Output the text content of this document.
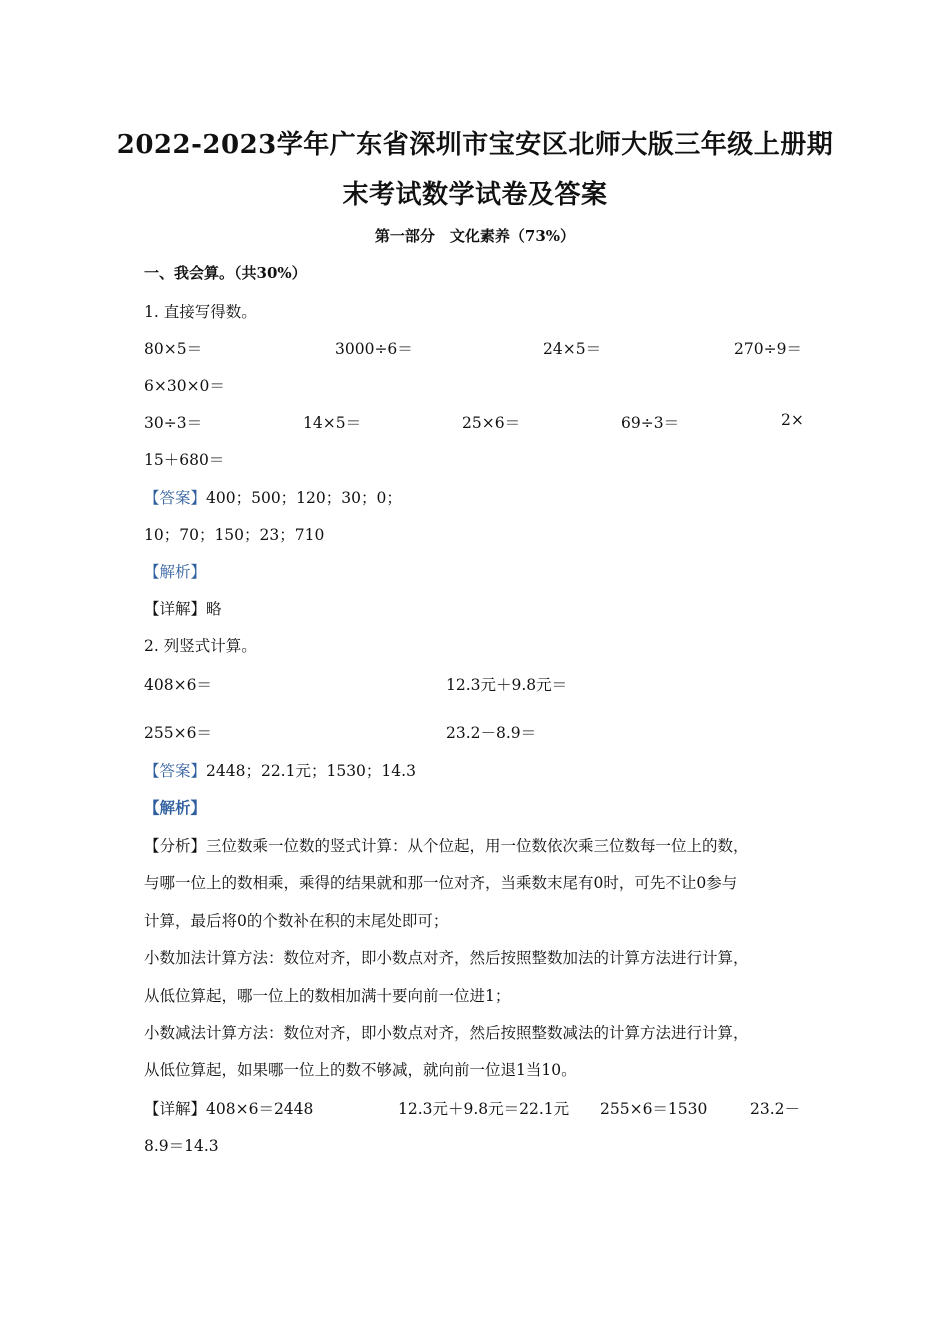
2022-2023学年广东省深圳市宝安区北师大版三年级上册期
末考试数学试卷及答案
第一部分　文化素养（73%）
一、我会算。（共30%）
1. 直接写得数。
80×5＝	3000÷6＝	24×5＝	270÷9＝
6×30×0＝
30÷3＝	14×5＝	25×6＝	69÷3＝	2×
15＋680＝
【答案】400；500；120；30；0；
10；70；150；23；710
【解析】
【详解】略
2. 列竖式计算。
408×6＝	12.3元＋9.8元＝
255×6＝	23.2－8.9＝
【答案】2448；22.1元；1530；14.3
【解析】
【分析】三位数乘一位数的竖式计算：从个位起，用一位数依次乘三位数每一位上的数，
与哪一位上的数相乘，乘得的结果就和那一位对齐，当乘数末尾有0时，可先不让0参与
计算，最后将0的个数补在积的末尾处即可；
小数加法计算方法：数位对齐，即小数点对齐，然后按照整数加法的计算方法进行计算，
从低位算起，哪一位上的数相加满十要向前一位进1；
小数减法计算方法：数位对齐，即小数点对齐，然后按照整数减法的计算方法进行计算，
从低位算起，如果哪一位上的数不够减，就向前一位退1当10。
【详解】408×6＝2448	12.3元＋9.8元＝22.1元 255×6＝1530	23.2－
8.9＝14.3
